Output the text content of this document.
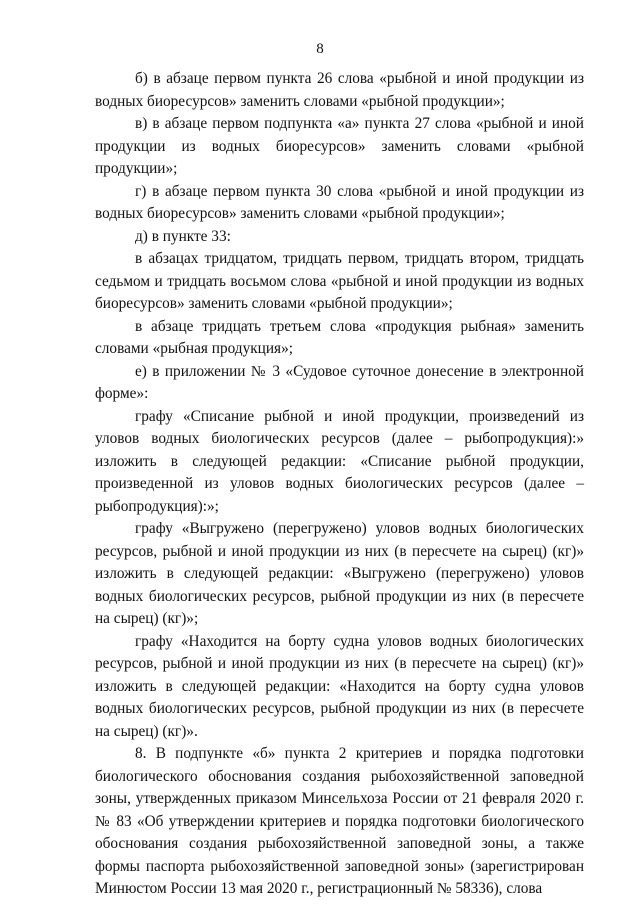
8

б) в абзаце первом пункта 26 слова «рыбной и иной продукции из водных биоресурсов» заменить словами «рыбной продукции»;

в) в абзаце первом подпункта «а» пункта 27 слова «рыбной и иной продукции из водных биоресурсов» заменить словами «рыбной продукции»;

г) в абзаце первом пункта 30 слова «рыбной и иной продукции из водных биоресурсов» заменить словами «рыбной продукции»;

д) в пункте 33:

в абзацах тридцатом, тридцать первом, тридцать втором, тридцать седьмом и тридцать восьмом слова «рыбной и иной продукции из водных биоресурсов» заменить словами «рыбной продукции»;

в абзаце тридцать третьем слова «продукция рыбная» заменить словами «рыбная продукция»;

е) в приложении № 3 «Судовое суточное донесение в электронной форме»:

графу «Списание рыбной и иной продукции, произведений из уловов водных биологических ресурсов (далее – рыбопродукция):» изложить в следующей редакции: «Списание рыбной продукции, произведенной из уловов водных биологических ресурсов (далее – рыбопродукция):»;

графу «Выгружено (перегружено) уловов водных биологических ресурсов, рыбной и иной продукции из них (в пересчете на сырец) (кг)» изложить в следующей редакции: «Выгружено (перегружено) уловов водных биологических ресурсов, рыбной продукции из них (в пересчете на сырец) (кг)»;

графу «Находится на борту судна уловов водных биологических ресурсов, рыбной и иной продукции из них (в пересчете на сырец) (кг)» изложить в следующей редакции: «Находится на борту судна уловов водных биологических ресурсов, рыбной продукции из них (в пересчете на сырец) (кг)».

8. В подпункте «б» пункта 2 критериев и порядка подготовки биологического обоснования создания рыбохозяйственной заповедной зоны, утвержденных приказом Минсельхоза России от 21 февраля 2020 г. № 83 «Об утверждении критериев и порядка подготовки биологического обоснования создания рыбохозяйственной заповедной зоны, а также формы паспорта рыбохозяйственной заповедной зоны» (зарегистрирован Минюстом России 13 мая 2020 г., регистрационный № 58336), слова
